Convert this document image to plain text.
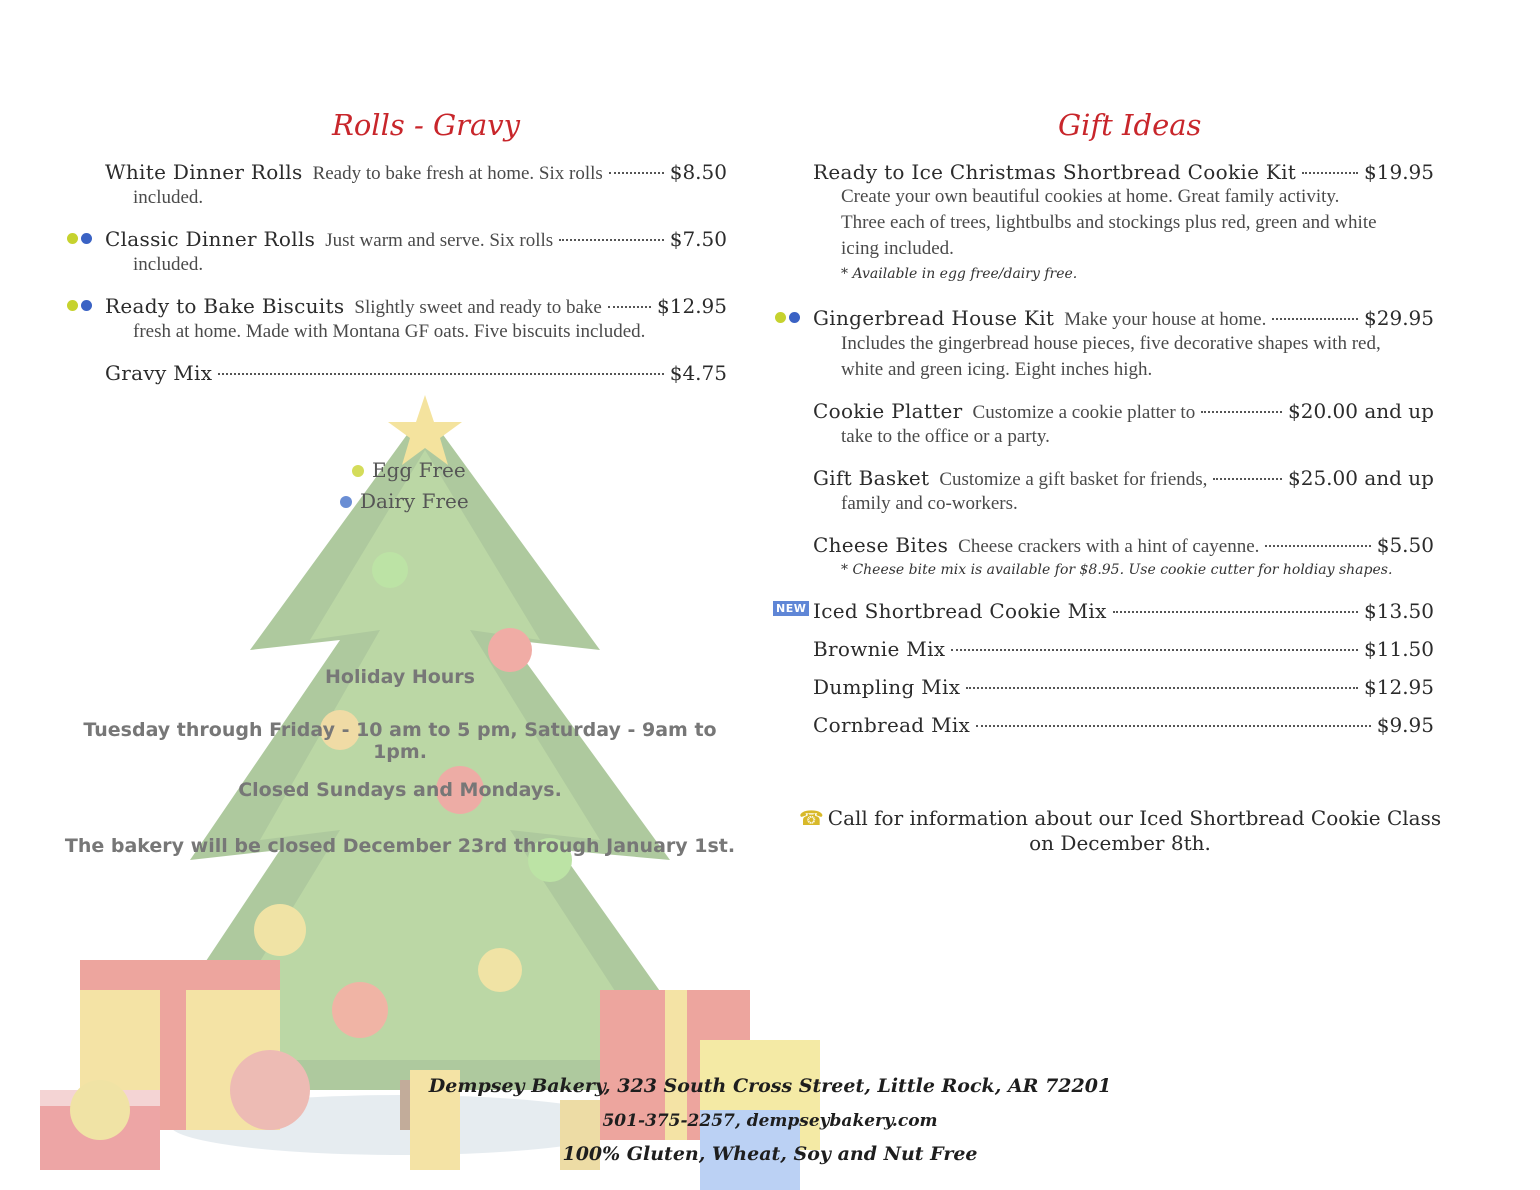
Rolls - Gravy
White Dinner Rolls Ready to bake fresh at home. Six rolls	$8.50
included.
Classic Dinner Rolls Just warm and serve. Six rolls	$7.50
included.
Ready to Bake Biscuits Slightly sweet and ready to bake	$12.95
fresh at home. Made with Montana GF oats. Five biscuits included.
Gravy Mix	$4.75
Egg Free
Dairy Free
Holiday Hours
Tuesday through Friday - 10 am to 5 pm, Saturday - 9am to 1pm.
Closed Sundays and Mondays.
The bakery will be closed December 23rd through January 1st.
Gift Ideas
Ready to Ice Christmas Shortbread Cookie Kit	$19.95
Create your own beautiful cookies at home. Great family activity.
Three each of trees, lightbulbs and stockings plus red, green and white
icing included.
* Available in egg free/dairy free.
Gingerbread House Kit Make your house at home.	$29.95
Includes the gingerbread house pieces, five decorative shapes with red,
white and green icing. Eight inches high.
Cookie Platter Customize a cookie platter to	$20.00 and up
take to the office or a party.
Gift Basket Customize a gift basket for friends,	$25.00 and up
family and co-workers.
Cheese Bites Cheese crackers with a hint of cayenne.	$5.50
* Cheese bite mix is available for $8.95. Use cookie cutter for holdiay shapes.
NEW Iced Shortbread Cookie Mix	$13.50
Brownie Mix	$11.50
Dumpling Mix	$12.95
Cornbread Mix	$9.95
☎ Call for information about our Iced Shortbread Cookie Class on December 8th.
Dempsey Bakery, 323 South Cross Street, Little Rock, AR 72201
501-375-2257, dempseybakery.com
100% Gluten, Wheat, Soy and Nut Free
